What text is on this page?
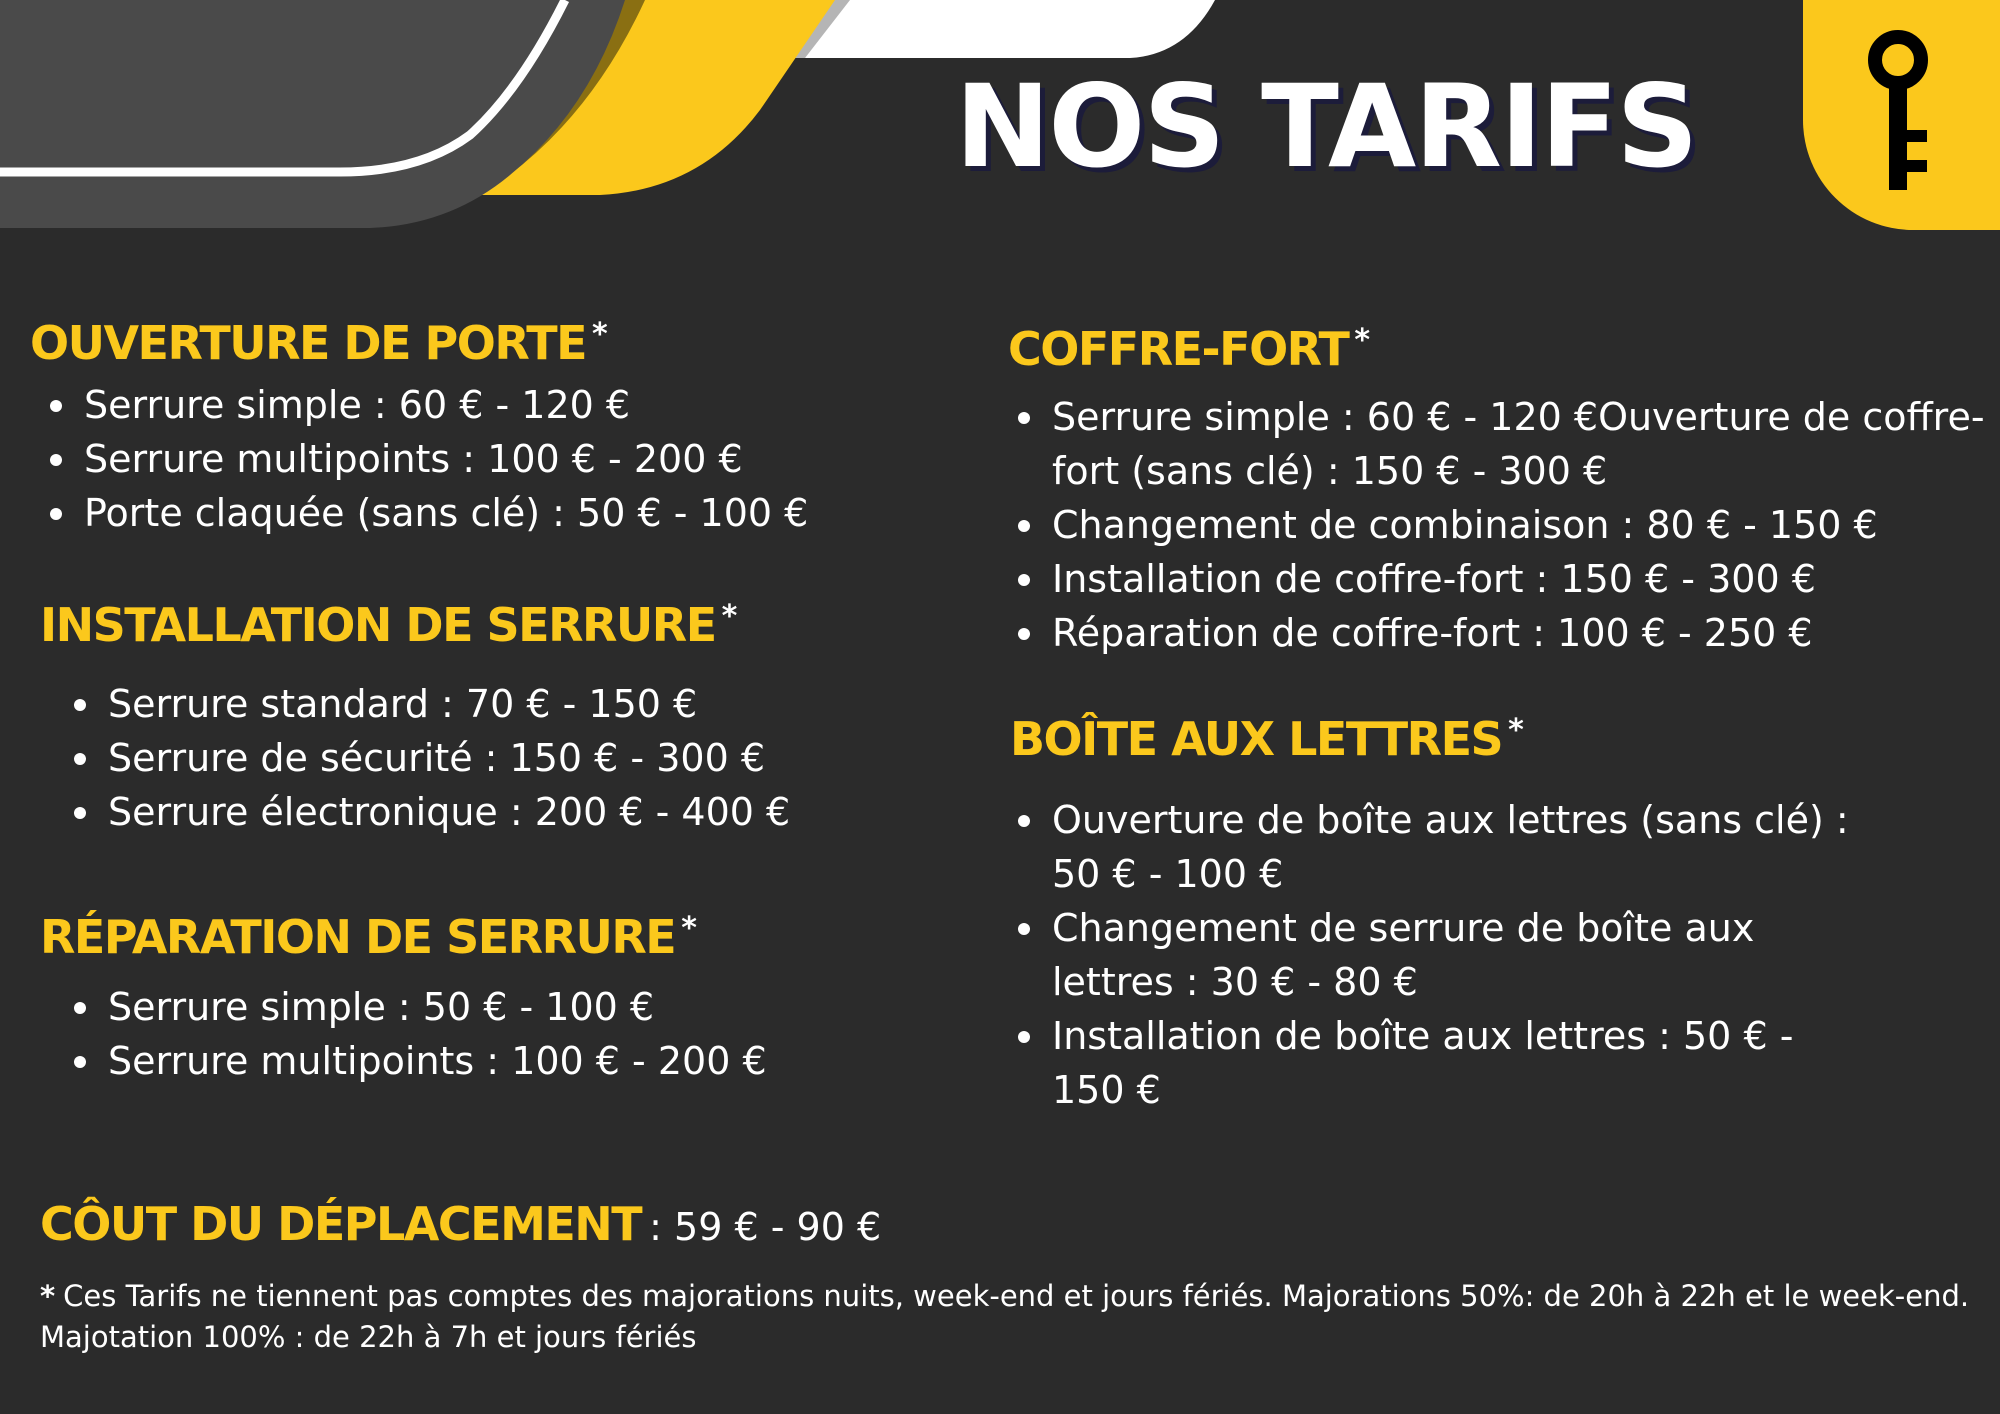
NOS TARIFS
OUVERTURE DE PORTE *
Serrure simple : 60 € - 120 €
Serrure multipoints : 100 € - 200 €
Porte claquée (sans clé) : 50 € - 100 €
INSTALLATION DE SERRURE *
Serrure standard : 70 € - 150 €
Serrure de sécurité : 150 € - 300 €
Serrure électronique : 200 € - 400 €
RÉPARATION DE SERRURE *
Serrure simple : 50 € - 100 €
Serrure multipoints : 100 € - 200 €
COFFRE-FORT *
Serrure simple : 60 € - 120 €Ouverture de coffre-fort (sans clé) : 150 € - 300 €
Changement de combinaison : 80 € - 150 €
Installation de coffre-fort : 150 € - 300 €
Réparation de coffre-fort : 100 € - 250 €
BOÎTE AUX LETTRES *
Ouverture de boîte aux lettres (sans clé) : 50 € - 100 €
Changement de serrure de boîte aux lettres : 30 € - 80 €
Installation de boîte aux lettres : 50 € - 150 €
CÔUT DU DÉPLACEMENT : 59 € - 90 €

* Ces Tarifs ne tiennent pas comptes des majorations nuits, week-end et jours fériés. Majorations 50%: de 20h à 22h et le week-end. Majotation 100% : de 22h à 7h et jours fériés
